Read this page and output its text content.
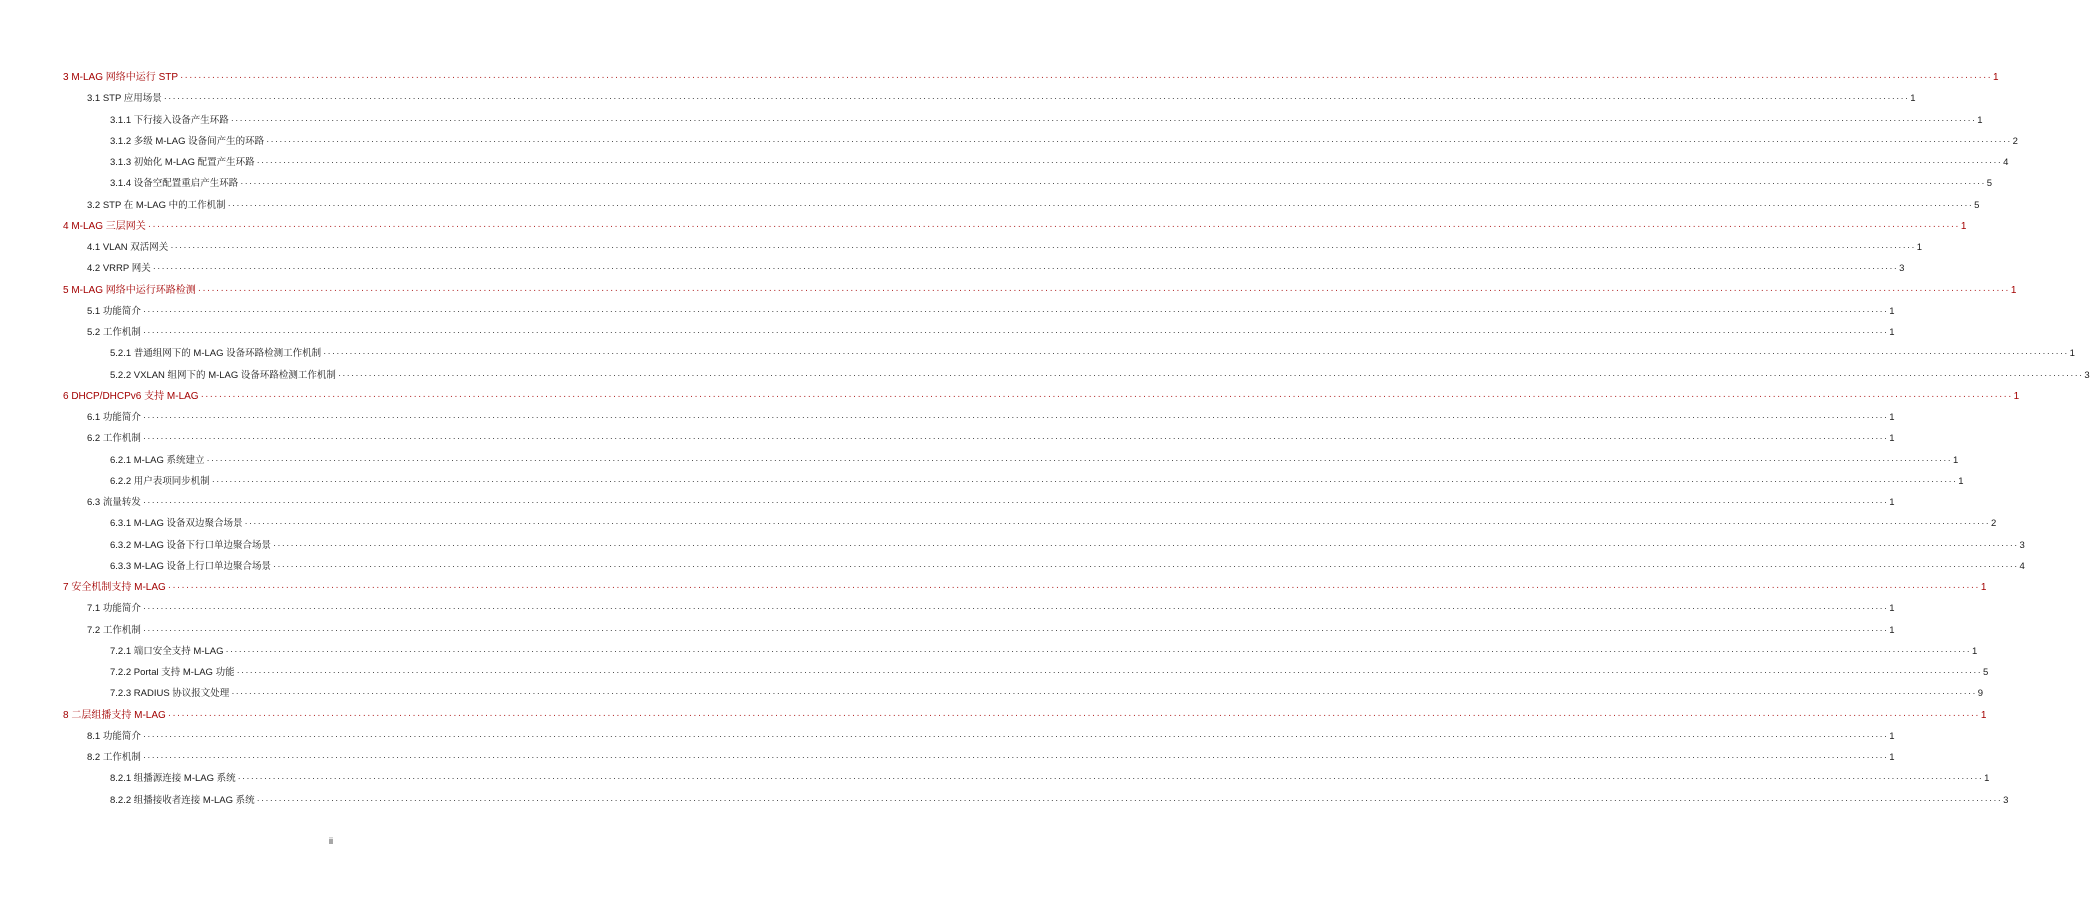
3 M-LAG 网络中运行 STP ················································································································································································································································································································································································································ 1
3.1 STP 应用场景 ················································································································································································································································································································································································································ 1
3.1.1 下行接入设备产生环路 ················································································································································································································································································································································································································ 1
3.1.2 多级 M-LAG 设备间产生的环路 ················································································································································································································································································································································································································ 2
3.1.3 初始化 M-LAG 配置产生环路 ················································································································································································································································································································································································································ 4
3.1.4 设备空配置重启产生环路 ················································································································································································································································································································································································································ 5
3.2 STP 在 M-LAG 中的工作机制 ················································································································································································································································································································································································································ 5
4 M-LAG 三层网关 ················································································································································································································································································································································································································ 1
4.1 VLAN 双活网关 ················································································································································································································································································································································································································ 1
4.2 VRRP 网关 ················································································································································································································································································································································································································ 3
5 M-LAG 网络中运行环路检测 ················································································································································································································································································································································································································ 1
5.1 功能简介 ················································································································································································································································································································································································································ 1
5.2 工作机制 ················································································································································································································································································································································································································ 1
5.2.1 普通组网下的 M-LAG 设备环路检测工作机制 ················································································································································································································································································································································································································ 1
5.2.2 VXLAN 组网下的 M-LAG 设备环路检测工作机制 ················································································································································································································································································································································································································ 3
6 DHCP/DHCPv6 支持 M-LAG ················································································································································································································································································································································································································ 1
6.1 功能简介 ················································································································································································································································································································································································································ 1
6.2 工作机制 ················································································································································································································································································································································································································ 1
6.2.1 M-LAG 系统建立 ················································································································································································································································································································································································································ 1
6.2.2 用户表项同步机制 ················································································································································································································································································································································································································ 1
6.3 流量转发 ················································································································································································································································································································································································································ 1
6.3.1 M-LAG 设备双边聚合场景 ················································································································································································································································································································································································································ 2
6.3.2 M-LAG 设备下行口单边聚合场景 ················································································································································································································································································································································································································ 3
6.3.3 M-LAG 设备上行口单边聚合场景 ················································································································································································································································································································································································································ 4
7 安全机制支持 M-LAG ················································································································································································································································································································································································································ 1
7.1 功能简介 ················································································································································································································································································································································································································ 1
7.2 工作机制 ················································································································································································································································································································································································································ 1
7.2.1 端口安全支持 M-LAG ················································································································································································································································································································································································································ 1
7.2.2 Portal 支持 M-LAG 功能 ················································································································································································································································································································································································································ 5
7.2.3 RADIUS 协议报文处理 ················································································································································································································································································································································································································ 9
8 二层组播支持 M-LAG ················································································································································································································································································································································································································ 1
8.1 功能简介 ················································································································································································································································································································································································································ 1
8.2 工作机制 ················································································································································································································································································································································································································ 1
8.2.1 组播源连接 M-LAG 系统 ················································································································································································································································································································································································································ 1
8.2.2 组播接收者连接 M-LAG 系统 ················································································································································································································································································································································································································ 3
ii
